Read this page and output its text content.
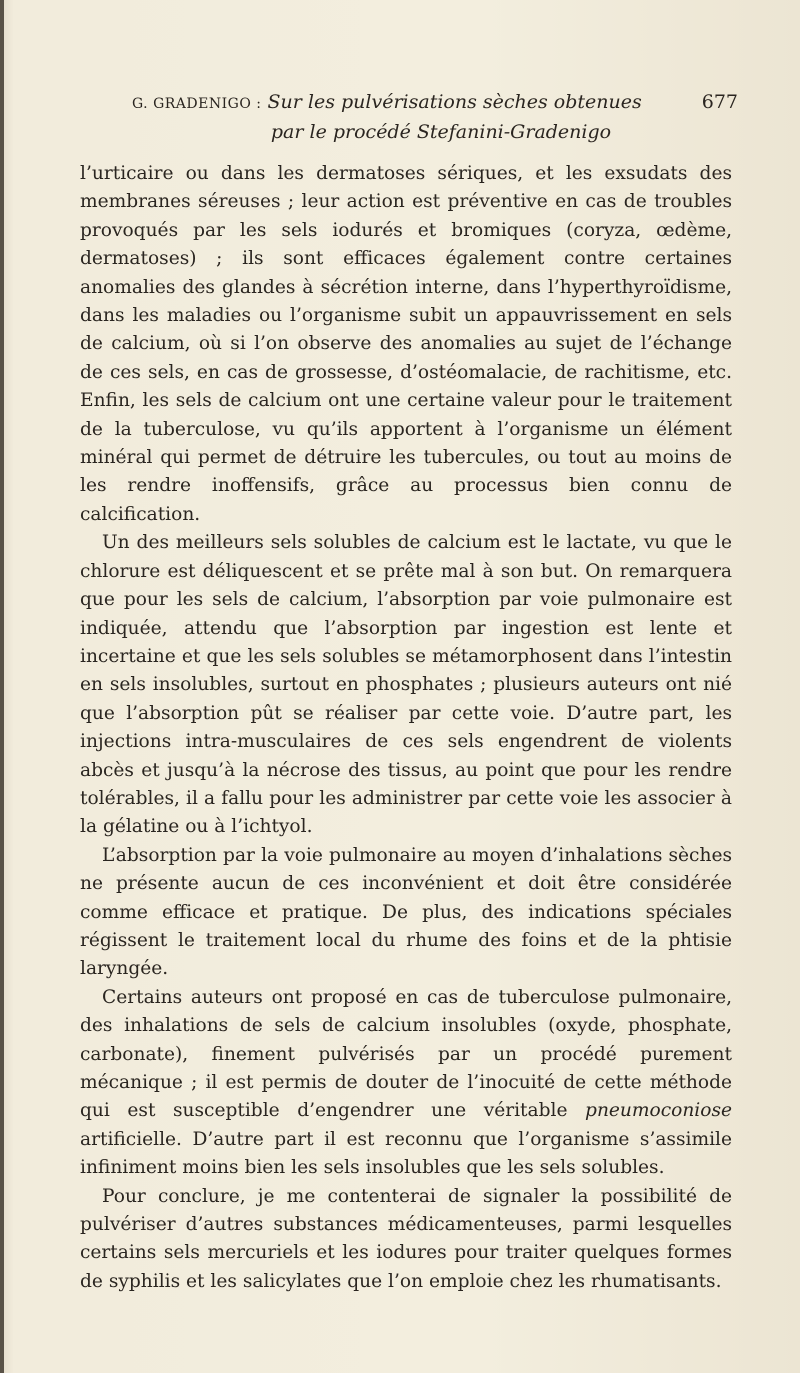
G. GRADENIGO : Sur les pulvérisations sèches obtenues	677
par le procédé Stefanini-Gradenigo

l’urticaire ou dans les dermatoses sériques, et les exsudats des membranes séreuses ; leur action est préventive en cas de troubles provoqués par les sels iodurés et bromiques (coryza, œdème, dermatoses) ; ils sont efficaces également contre certaines anomalies des glandes à sécrétion interne, dans l’hyperthyroïdisme, dans les maladies ou l’organisme subit un appauvrissement en sels de calcium, où si l’on observe des anomalies au sujet de l’échange de ces sels, en cas de grossesse, d’ostéomalacie, de rachitisme, etc. Enfin, les sels de calcium ont une certaine valeur pour le traitement de la tuberculose, vu qu’ils apportent à l’organisme un élément minéral qui permet de détruire les tubercules, ou tout au moins de les rendre inoffensifs, grâce au processus bien connu de calcification.

Un des meilleurs sels solubles de calcium est le lactate, vu que le chlorure est déliquescent et se prête mal à son but. On remarquera que pour les sels de calcium, l’absorption par voie pulmonaire est indiquée, attendu que l’absorption par ingestion est lente et incertaine et que les sels solubles se métamorphosent dans l’intestin en sels insolubles, surtout en phosphates ; plusieurs auteurs ont nié que l’absorption pût se réaliser par cette voie. D’autre part, les injections intra-musculaires de ces sels engendrent de violents abcès et jusqu’à la nécrose des tissus, au point que pour les rendre tolérables, il a fallu pour les administrer par cette voie les associer à la gélatine ou à l’ichtyol.

L’absorption par la voie pulmonaire au moyen d’inhalations sèches ne présente aucun de ces inconvénient et doit être considérée comme efficace et pratique. De plus, des indications spéciales régissent le traitement local du rhume des foins et de la phtisie laryngée.

Certains auteurs ont proposé en cas de tuberculose pulmonaire, des inhalations de sels de calcium insolubles (oxyde, phosphate, carbonate), finement pulvérisés par un procédé purement mécanique ; il est permis de douter de l’inocuité de cette méthode qui est susceptible d’engendrer une véritable pneumoconiose artificielle. D’autre part il est reconnu que l’organisme s’assimile infiniment moins bien les sels insolubles que les sels solubles.

Pour conclure, je me contenterai de signaler la possibilité de pulvériser d’autres substances médicamenteuses, parmi lesquelles certains sels mercuriels et les iodures pour traiter quelques formes de syphilis et les salicylates que l’on emploie chez les rhumatisants.
